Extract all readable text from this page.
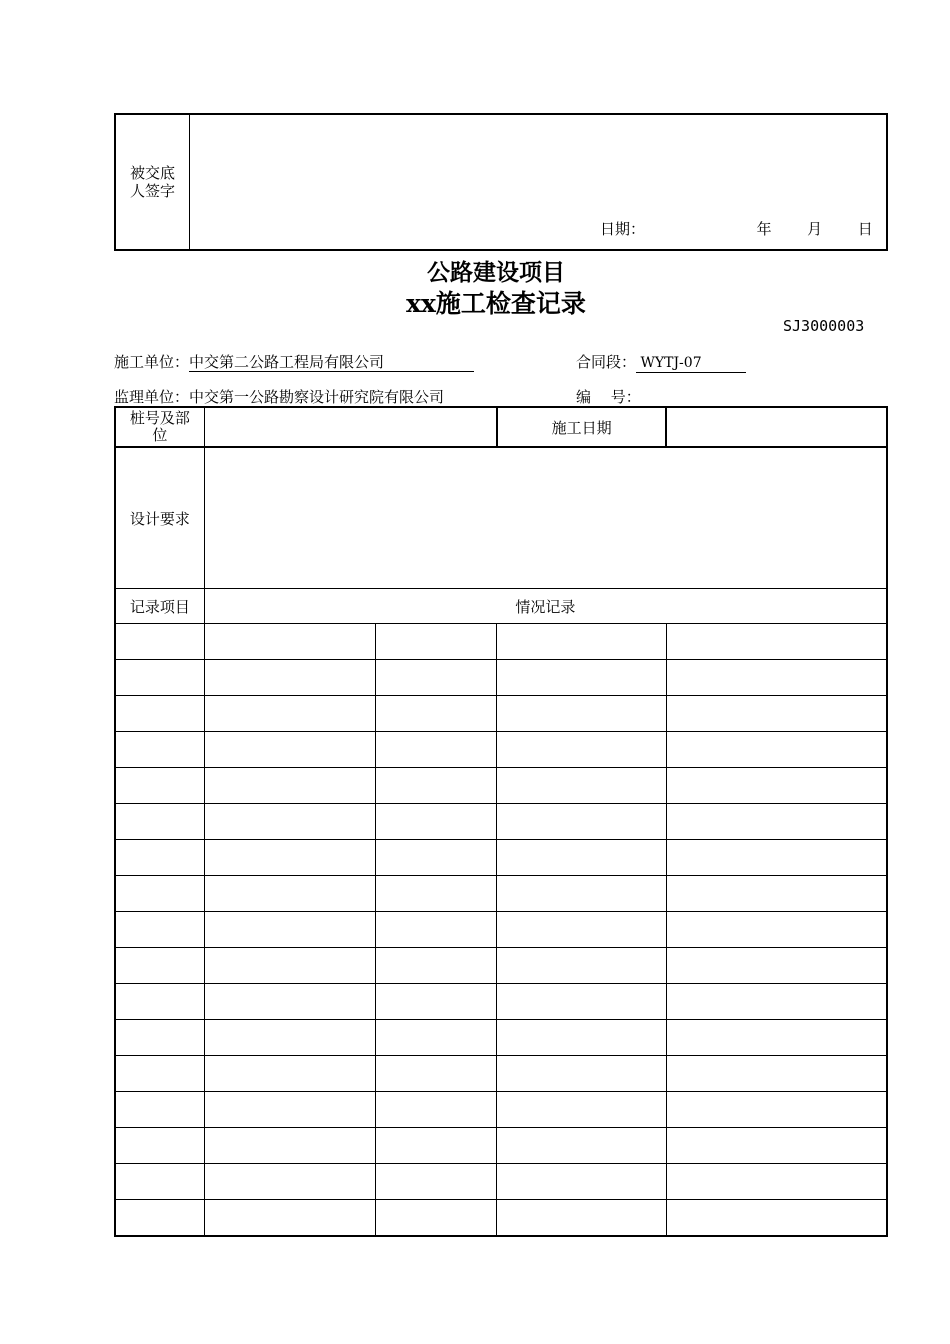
被交底人签字

日期：	年 月 日
公路建设项目
xx施工检查记录
SJ3000003
施工单位：中交第二公路工程局有限公司	合同段： WYTJ-07
监理单位：中交第一公路勘察设计研究院有限公司	编　 号：
桩号及部位			施工日期	
设计要求				
记录项目	情况记录			
